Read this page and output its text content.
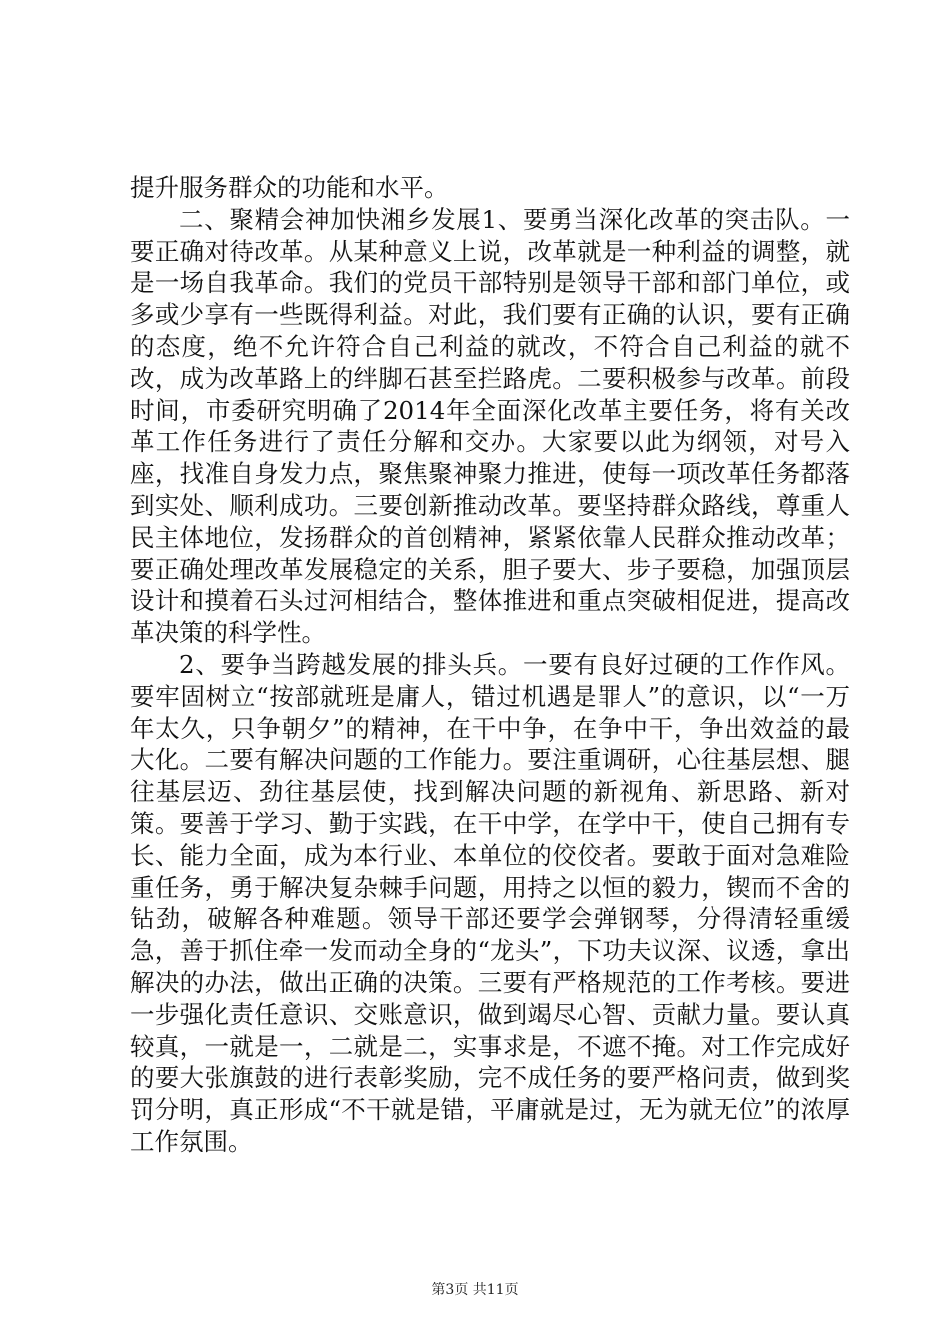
提升服务群众的功能和水平。

二、聚精会神加快湘乡发展1、要勇当深化改革的突击队。一要正确对待改革。从某种意义上说，改革就是一种利益的调整，就是一场自我革命。我们的党员干部特别是领导干部和部门单位，或多或少享有一些既得利益。对此，我们要有正确的认识，要有正确的态度，绝不允许符合自己利益的就改，不符合自己利益的就不改，成为改革路上的绊脚石甚至拦路虎。二要积极参与改革。前段时间，市委研究明确了2014年全面深化改革主要任务，将有关改革工作任务进行了责任分解和交办。大家要以此为纲领，对号入座，找准自身发力点，聚焦聚神聚力推进，使每一项改革任务都落到实处、顺利成功。三要创新推动改革。要坚持群众路线，尊重人民主体地位，发扬群众的首创精神，紧紧依靠人民群众推动改革；要正确处理改革发展稳定的关系，胆子要大、步子要稳，加强顶层设计和摸着石头过河相结合，整体推进和重点突破相促进，提高改革决策的科学性。

2、要争当跨越发展的排头兵。一要有良好过硬的工作作风。要牢固树立“按部就班是庸人，错过机遇是罪人”的意识，以“一万年太久，只争朝夕”的精神，在干中争，在争中干，争出效益的最大化。二要有解决问题的工作能力。要注重调研，心往基层想、腿往基层迈、劲往基层使，找到解决问题的新视角、新思路、新对策。要善于学习、勤于实践，在干中学，在学中干，使自己拥有专长、能力全面，成为本行业、本单位的佼佼者。要敢于面对急难险重任务，勇于解决复杂棘手问题，用持之以恒的毅力，锲而不舍的钻劲，破解各种难题。领导干部还要学会弹钢琴，分得清轻重缓急，善于抓住牵一发而动全身的“龙头”，下功夫议深、议透，拿出解决的办法，做出正确的决策。三要有严格规范的工作考核。要进一步强化责任意识、交账意识，做到竭尽心智、贡献力量。要认真较真，一就是一，二就是二，实事求是，不遮不掩。对工作完成好的要大张旗鼓的进行表彰奖励，完不成任务的要严格问责，做到奖罚分明，真正形成“不干就是错，平庸就是过，无为就无位”的浓厚工作氛围。

第3页 共11页
